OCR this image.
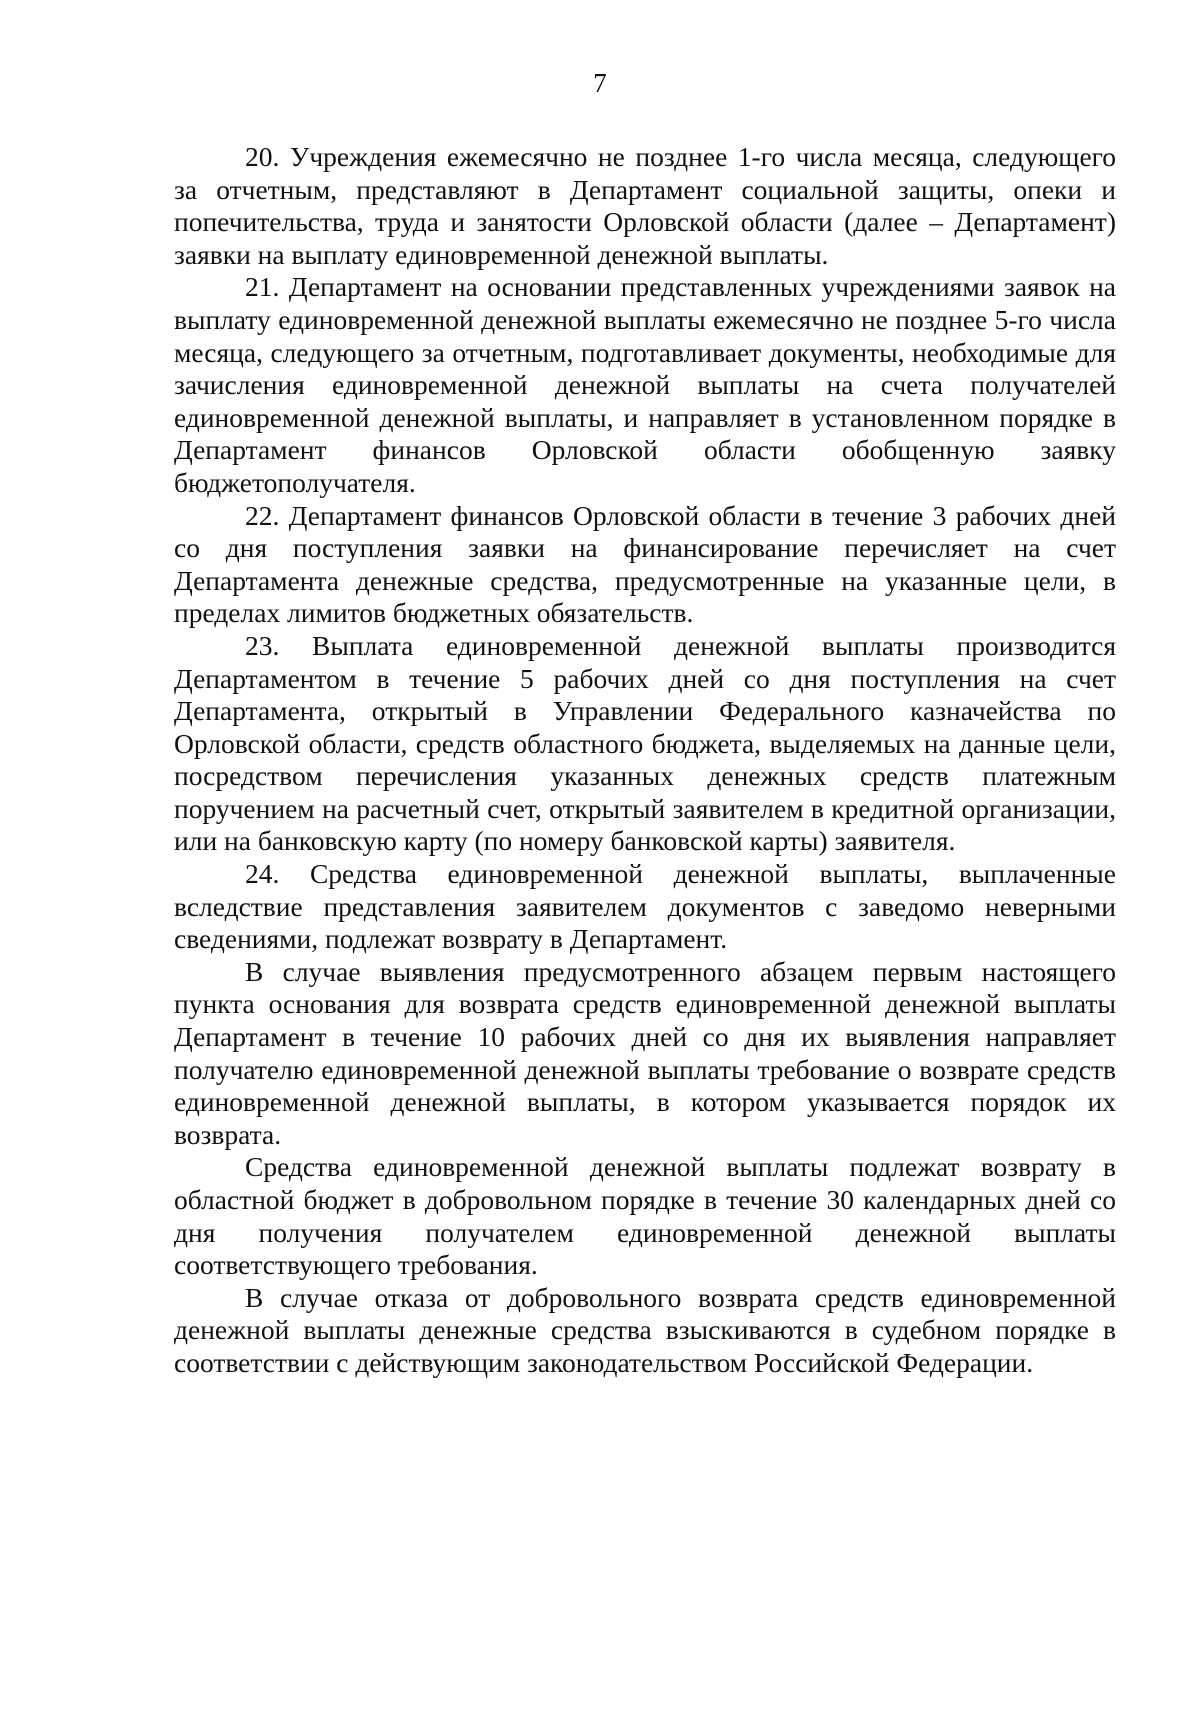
7

20. Учреждения ежемесячно не позднее 1-го числа месяца, следующего за отчетным, представляют в Департамент социальной защиты, опеки и попечительства, труда и занятости Орловской области (далее – Департамент) заявки на выплату единовременной денежной выплаты.

21. Департамент на основании представленных учреждениями заявок на выплату единовременной денежной выплаты ежемесячно не позднее 5-го числа месяца, следующего за отчетным, подготавливает документы, необходимые для зачисления единовременной денежной выплаты на счета получателей единовременной денежной выплаты, и направляет в установленном порядке в Департамент финансов Орловской области обобщенную заявку бюджетополучателя.

22. Департамент финансов Орловской области в течение 3 рабочих дней со дня поступления заявки на финансирование перечисляет на счет Департамента денежные средства, предусмотренные на указанные цели, в пределах лимитов бюджетных обязательств.

23. Выплата единовременной денежной выплаты производится Департаментом в течение 5 рабочих дней со дня поступления на счет Департамента, открытый в Управлении Федерального казначейства по Орловской области, средств областного бюджета, выделяемых на данные цели, посредством перечисления указанных денежных средств платежным поручением на расчетный счет, открытый заявителем в кредитной организации, или на банковскую карту (по номеру банковской карты) заявителя.

24. Средства единовременной денежной выплаты, выплаченные вследствие представления заявителем документов с заведомо неверными сведениями, подлежат возврату в Департамент.

В случае выявления предусмотренного абзацем первым настоящего пункта основания для возврата средств единовременной денежной выплаты Департамент в течение 10 рабочих дней со дня их выявления направляет получателю единовременной денежной выплаты требование о возврате средств единовременной денежной выплаты, в котором указывается порядок их возврата.

Средства единовременной денежной выплаты подлежат возврату в областной бюджет в добровольном порядке в течение 30 календарных дней со дня получения получателем единовременной денежной выплаты соответствующего требования.

В случае отказа от добровольного возврата средств единовременной денежной выплаты денежные средства взыскиваются в судебном порядке в соответствии с действующим законодательством Российской Федерации.
